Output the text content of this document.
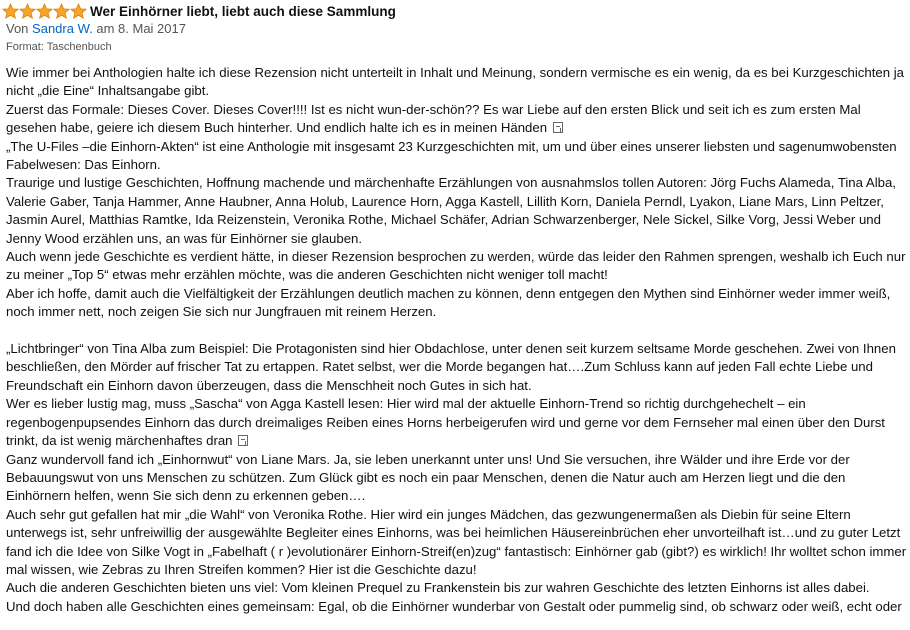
Wer Einhörner liebt, liebt auch diese Sammlung
Von Sandra W. am 8. Mai 2017
Format: Taschenbuch

Wie immer bei Anthologien halte ich diese Rezension nicht unterteilt in Inhalt und Meinung, sondern vermische es ein wenig, da es bei Kurzgeschichten ja nicht „die Eine“ Inhaltsangabe gibt.

Zuerst das Formale: Dieses Cover. Dieses Cover!!!! Ist es nicht wun-der-schön?? Es war Liebe auf den ersten Blick und seit ich es zum ersten Mal gesehen habe, geiere ich diesem Buch hinterher. Und endlich halte ich es in meinen Händen

„The U-Files –die Einhorn-Akten“ ist eine Anthologie mit insgesamt 23 Kurzgeschichten mit, um und über eines unserer liebsten und sagenumwobensten Fabelwesen: Das Einhorn.

Traurige und lustige Geschichten, Hoffnung machende und märchenhafte Erzählungen von ausnahmslos tollen Autoren: Jörg Fuchs Alameda, Tina Alba, Valerie Gaber, Tanja Hammer, Anne Haubner, Anna Holub, Laurence Horn, Agga Kastell, Lillith Korn, Daniela Perndl, Lyakon, Liane Mars, Linn Peltzer, Jasmin Aurel, Matthias Ramtke, Ida Reizenstein, Veronika Rothe, Michael Schäfer, Adrian Schwarzenberger, Nele Sickel, Silke Vorg, Jessi Weber und Jenny Wood erzählen uns, an was für Einhörner sie glauben.

Auch wenn jede Geschichte es verdient hätte, in dieser Rezension besprochen zu werden, würde das leider den Rahmen sprengen, weshalb ich Euch nur zu meiner „Top 5“ etwas mehr erzählen möchte, was die anderen Geschichten nicht weniger toll macht!

Aber ich hoffe, damit auch die Vielfältigkeit der Erzählungen deutlich machen zu können, denn entgegen den Mythen sind Einhörner weder immer weiß, noch immer nett, noch zeigen Sie sich nur Jungfrauen mit reinem Herzen.

„Lichtbringer“ von Tina Alba zum Beispiel: Die Protagonisten sind hier Obdachlose, unter denen seit kurzem seltsame Morde geschehen. Zwei von Ihnen beschließen, den Mörder auf frischer Tat zu ertappen. Ratet selbst, wer die Morde begangen hat….Zum Schluss kann auf jeden Fall echte Liebe und Freundschaft ein Einhorn davon überzeugen, dass die Menschheit noch Gutes in sich hat.

Wer es lieber lustig mag, muss „Sascha“ von Agga Kastell lesen: Hier wird mal der aktuelle Einhorn-Trend so richtig durchgehechelt – ein regenbogenpupsendes Einhorn das durch dreimaliges Reiben eines Horns herbeigerufen wird und gerne vor dem Fernseher mal einen über den Durst trinkt, da ist wenig märchenhaftes dran

Ganz wundervoll fand ich „Einhornwut“ von Liane Mars. Ja, sie leben unerkannt unter uns! Und Sie versuchen, ihre Wälder und ihre Erde vor der Bebauungswut von uns Menschen zu schützen. Zum Glück gibt es noch ein paar Menschen, denen die Natur auch am Herzen liegt und die den Einhörnern helfen, wenn Sie sich denn zu erkennen geben….

Auch sehr gut gefallen hat mir „die Wahl“ von Veronika Rothe. Hier wird ein junges Mädchen, das gezwungenermaßen als Diebin für seine Eltern unterwegs ist, sehr unfreiwillig der ausgewählte Begleiter eines Einhorns, was bei heimlichen Häusereinbrüchen eher unvorteilhaft ist…und zu guter Letzt fand ich die Idee von Silke Vogt in „Fabelhaft ( r )evolutionärer Einhorn-Streif(en)zug“ fantastisch: Einhörner gab (gibt?) es wirklich! Ihr wolltet schon immer mal wissen, wie Zebras zu Ihren Streifen kommen? Hier ist die Geschichte dazu!

Auch die anderen Geschichten bieten uns viel: Vom kleinen Prequel zu Frankenstein bis zur wahren Geschichte des letzten Einhorns ist alles dabei.

Und doch haben alle Geschichten eines gemeinsam: Egal, ob die Einhörner wunderbar von Gestalt oder pummelig sind, ob schwarz oder weiß, echt oder
